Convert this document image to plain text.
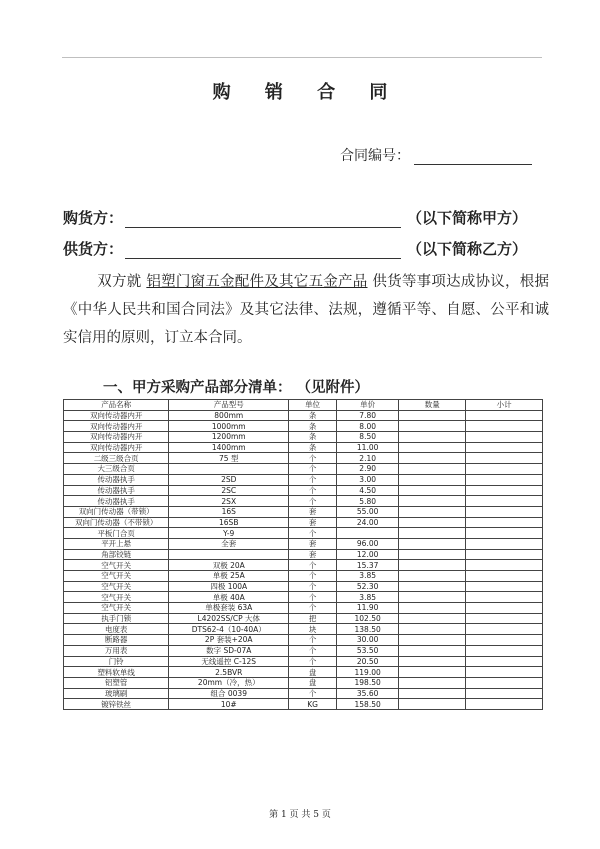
购 销 合 同
合同编号：
购货方：	（以下简称甲方）
供货方：	（以下简称乙方）
双方就 铝塑门窗五金配件及其它五金产品 供货等事项达成协议，根据《中华人民共和国合同法》及其它法律、法规，遵循平等、自愿、公平和诚实信用的原则，订立本合同。
一、甲方采购产品部分清单： （见附件）
产品名称	产品型号	单位	单价	数量	小计
双向传动器内开	800mm	条	7.80		
双向传动器内开	1000mm	条	8.00		
双向传动器内开	1200mm	条	8.50		
双向传动器内开	1400mm	条	11.00		
二级三级合页	75 型	个	2.10		
大三级合页		个	2.90		
传动器执手	2SD	个	3.00		
传动器执手	2SC	个	4.50		
传动器执手	2SX	个	5.80		
双向门传动器（带锁）	16S	套	55.00		
双向门传动器（不带锁）	16SB	套	24.00		
平板门合页	Y-9	个			
平开上悬	全套	套	96.00		
角部铰链		套	12.00		
空气开关	双极 20A	个	15.37		
空气开关	单极 25A	个	3.85		
空气开关	四极 100A	个	52.30		
空气开关	单极 40A	个	3.85		
空气开关	单极套装 63A	个	11.90		
执手门锁	L4202SS/CP 大体	把	102.50		
电度表	DTS62-4（10-40A）	块	138.50		
断路器	2P 套装+20A	个	30.00		
万用表	数字 SD-07A	个	53.50		
门铃	无线遥控 C-12S	个	20.50		
塑料软单线	2.5BVR	盘	119.00		
铝塑管	20mm（冷，热）	盘	198.50		
玻璃刷	组合 0039	个	35.60		
镀锌铁丝	10#	KG	158.50		
第 1 页 共 5 页
